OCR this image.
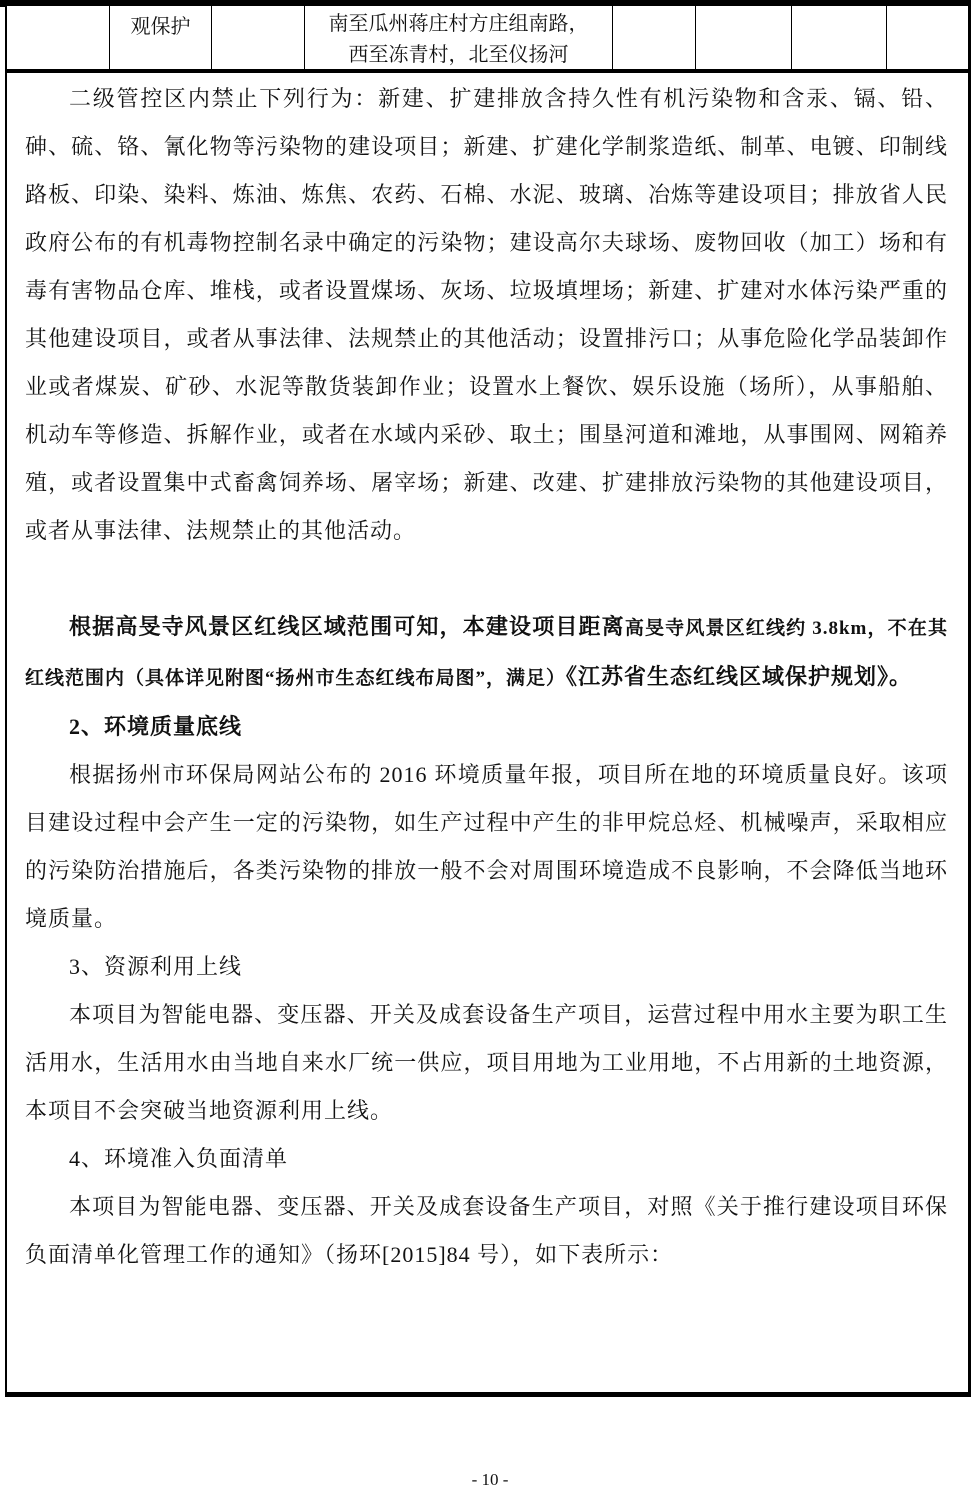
观保护	南至瓜州蒋庄村方庄组南路，
西至冻青村，北至仪扬河

二级管控区内禁止下列行为：新建、扩建排放含持久性有机污染物和含汞、镉、铅、砷、硫、铬、氰化物等污染物的建设项目；新建、扩建化学制浆造纸、制革、电镀、印制线路板、印染、染料、炼油、炼焦、农药、石棉、水泥、玻璃、冶炼等建设项目；排放省人民政府公布的有机毒物控制名录中确定的污染物；建设高尔夫球场、废物回收（加工）场和有毒有害物品仓库、堆栈，或者设置煤场、灰场、垃圾填埋场；新建、扩建对水体污染严重的其他建设项目，或者从事法律、法规禁止的其他活动；设置排污口；从事危险化学品装卸作业或者煤炭、矿砂、水泥等散货装卸作业；设置水上餐饮、娱乐设施（场所），从事船舶、机动车等修造、拆解作业，或者在水域内采砂、取土；围垦河道和滩地，从事围网、网箱养殖，或者设置集中式畜禽饲养场、屠宰场；新建、改建、扩建排放污染物的其他建设项目，或者从事法律、法规禁止的其他活动。

根据高旻寺风景区红线区域范围可知，本建设项目距离高旻寺风景区红线约 3.8km，不在其红线范围内（具体详见附图“扬州市生态红线布局图”，满足）《江苏省生态红线区域保护规划》。

2、环境质量底线

根据扬州市环保局网站公布的 2016 环境质量年报，项目所在地的环境质量良好。该项目建设过程中会产生一定的污染物，如生产过程中产生的非甲烷总烃、机械噪声，采取相应的污染防治措施后，各类污染物的排放一般不会对周围环境造成不良影响，不会降低当地环境质量。

3、资源利用上线

本项目为智能电器、变压器、开关及成套设备生产项目，运营过程中用水主要为职工生活用水，生活用水由当地自来水厂统一供应，项目用地为工业用地，不占用新的土地资源，本项目不会突破当地资源利用上线。

4、环境准入负面清单

本项目为智能电器、变压器、开关及成套设备生产项目，对照《关于推行建设项目环保负面清单化管理工作的通知》（扬环[2015]84 号），如下表所示：

- 10 -
